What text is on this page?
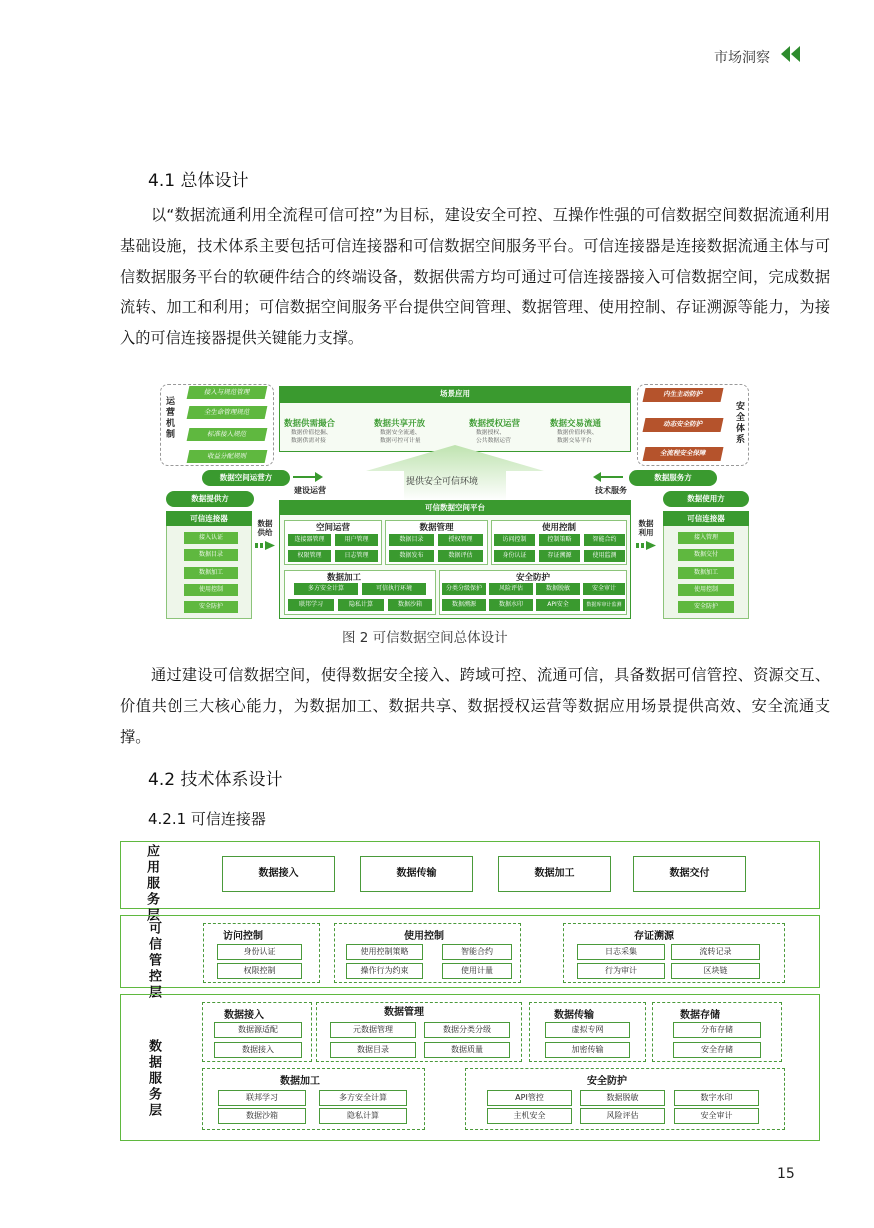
市场洞察
4.1 总体设计
以“数据流通利用全流程可信可控”为目标，建设安全可控、互操作性强的可信数据空间数据流通利用基础设施，技术体系主要包括可信连接器和可信数据空间服务平台。可信连接器是连接数据流通主体与可信数据服务平台的软硬件结合的终端设备，数据供需方均可通过可信连接器接入可信数据空间，完成数据流转、加工和利用；可信数据空间服务平台提供空间管理、数据管理、使用控制、存证溯源等能力，为接入的可信连接器提供关键能力支撑。
运营机制
接入与规范管理
全生命管理规范
标准接入规范
收益分配规则
安全体系
内生主动防护
动态安全防护
全流程安全保障
场景应用
数据供需撮合
数据价值挖掘、
数据供需对接
数据共享开放
数据安全流通、
数据可控可计量
数据授权运营
数据授权、
公共数据运营
数据交易流通
数据价值转换、
数据交易平台
提供安全可信环境
数据空间运营方
建设运营
数据服务方
技术服务
数据提供方	数据使用方
可信连接器
接入认证
数据目录
数据加工
使用控制
安全防护
数据供给
数据利用
可信连接器
接入管理
数据交付
数据加工
使用控制
安全防护
可信数据空间平台
空间运营
连接器管理	用户管理
权限管理	日志管理
数据管理
数据目录	授权管理
数据发布	数据评估
使用控制
访问控制	控制策略	智能合约
身份认证	存证溯源	使用监测
数据加工
多方安全计算	可信执行环境
联邦学习	隐私计算	数据沙箱
安全防护
分类分级保护	风险评估	数据脱敏	安全审计
数据溯源	数据水印	API安全	数据库审计监测
图 2 可信数据空间总体设计
通过建设可信数据空间，使得数据安全接入、跨域可控、流通可信，具备数据可信管控、资源交互、价值共创三大核心能力，为数据加工、数据共享、数据授权运营等数据应用场景提供高效、安全流通支撑。
4.2 技术体系设计
4.2.1 可信连接器
应用服务层	数据接入	数据传输	数据加工	数据交付
可信管控层	访问控制
身份认证
权限控制
使用控制
使用控制策略	智能合约
操作行为约束	使用计量
存证溯源
日志采集	流转记录
行为审计	区块链
数据服务层
数据接入
数据源适配
数据接入
数据管理
元数据管理	数据分类分级
数据目录	数据质量
数据传输
虚拟专网
加密传输
数据存储
分布存储
安全存储
数据加工
联邦学习	多方安全计算
数据沙箱	隐私计算
安全防护
API管控	数据脱敏	数字水印
主机安全	风险评估	安全审计
15
